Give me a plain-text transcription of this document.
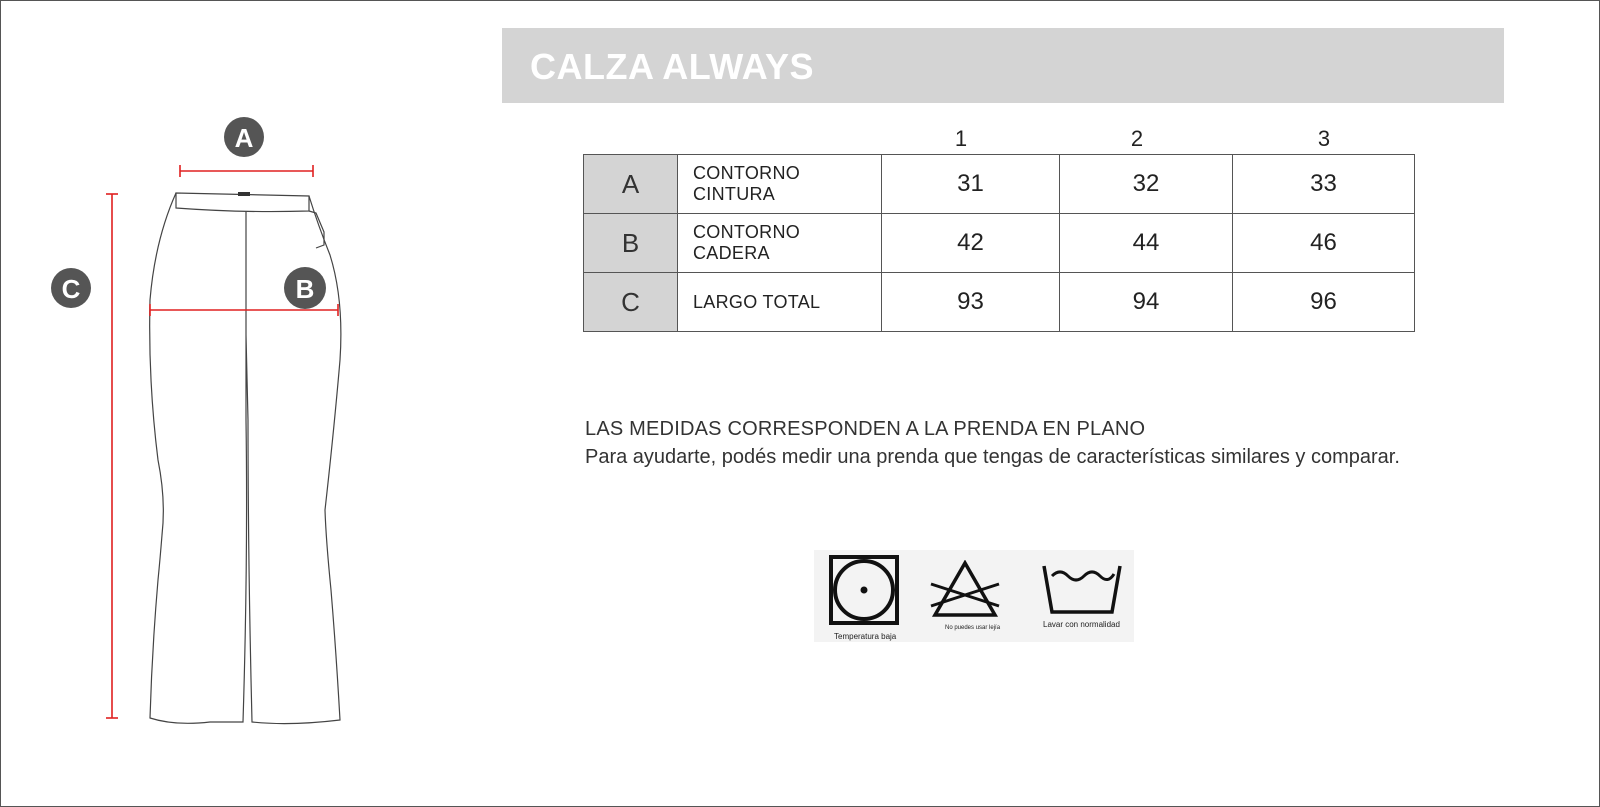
A
B
C
CALZA ALWAYS
1	2	3
A	CONTORNO CINTURA	31	32	33
B	CONTORNO CADERA	42	44	46
C	LARGO TOTAL	93	94	96
LAS MEDIDAS CORRESPONDEN A LA PRENDA EN PLANO
Para ayudarte, podés medir una prenda que tengas de características similares y comparar.
Temperatura baja
No puedes usar lejía	Lavar con normalidad
